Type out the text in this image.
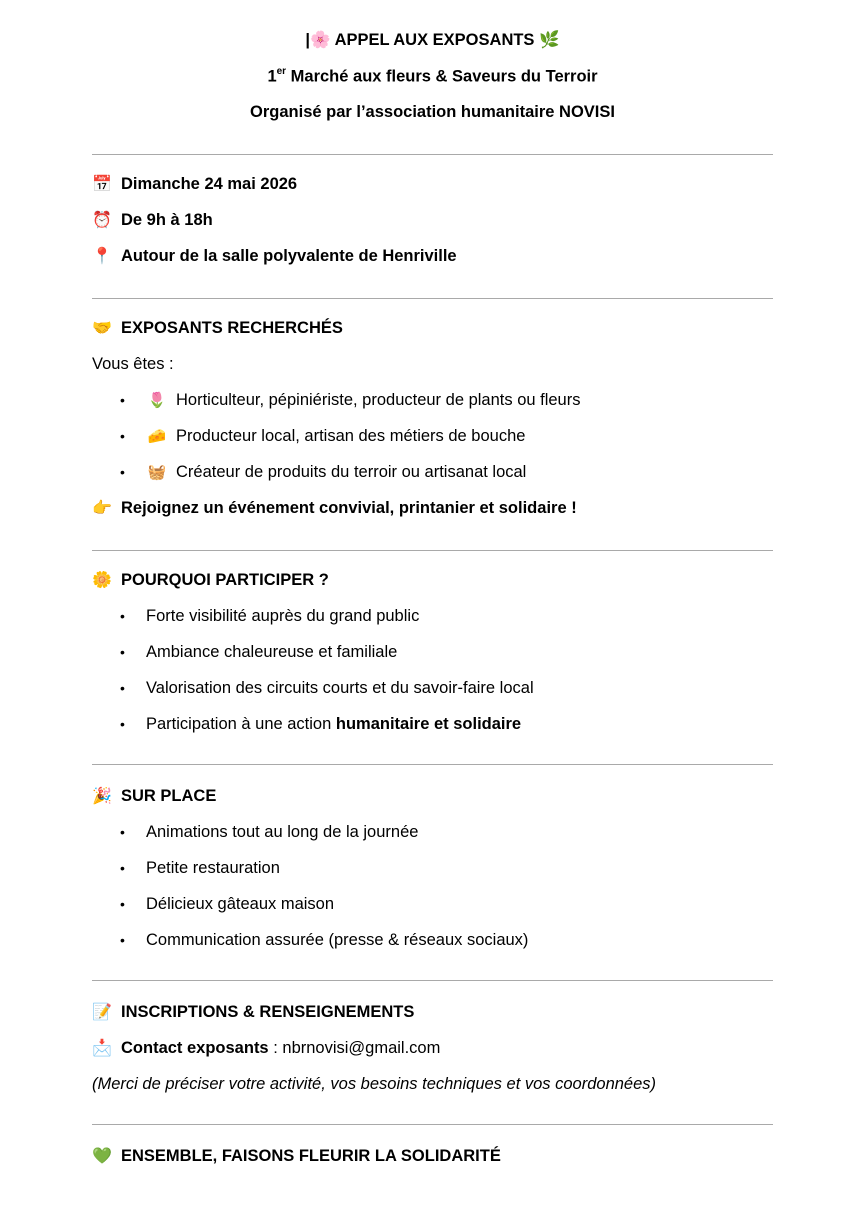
|🌸 APPEL AUX EXPOSANTS 🌿
1er Marché aux fleurs & Saveurs du Terroir
Organisé par l’association humanitaire NOVISI
📅 Dimanche 24 mai 2026
⏰ De 9h à 18h
📍 Autour de la salle polyvalente de Henriville
🤝 EXPOSANTS RECHERCHÉS
Vous êtes :
• 🌷 Horticulteur, pépiniériste, producteur de plants ou fleurs
• 🧀 Producteur local, artisan des métiers de bouche
• 🧺 Créateur de produits du terroir ou artisanat local
👉 Rejoignez un événement convivial, printanier et solidaire !
🌼 POURQUOI PARTICIPER ?
• Forte visibilité auprès du grand public
• Ambiance chaleureuse et familiale
• Valorisation des circuits courts et du savoir-faire local
• Participation à une action humanitaire et solidaire
🎉 SUR PLACE
• Animations tout au long de la journée
• Petite restauration
• Délicieux gâteaux maison
• Communication assurée (presse & réseaux sociaux)
📝 INSCRIPTIONS & RENSEIGNEMENTS
📩 Contact exposants : nbrnovisi@gmail.com
(Merci de préciser votre activité, vos besoins techniques et vos coordonnées)
💚 ENSEMBLE, FAISONS FLEURIR LA SOLIDARITÉ
